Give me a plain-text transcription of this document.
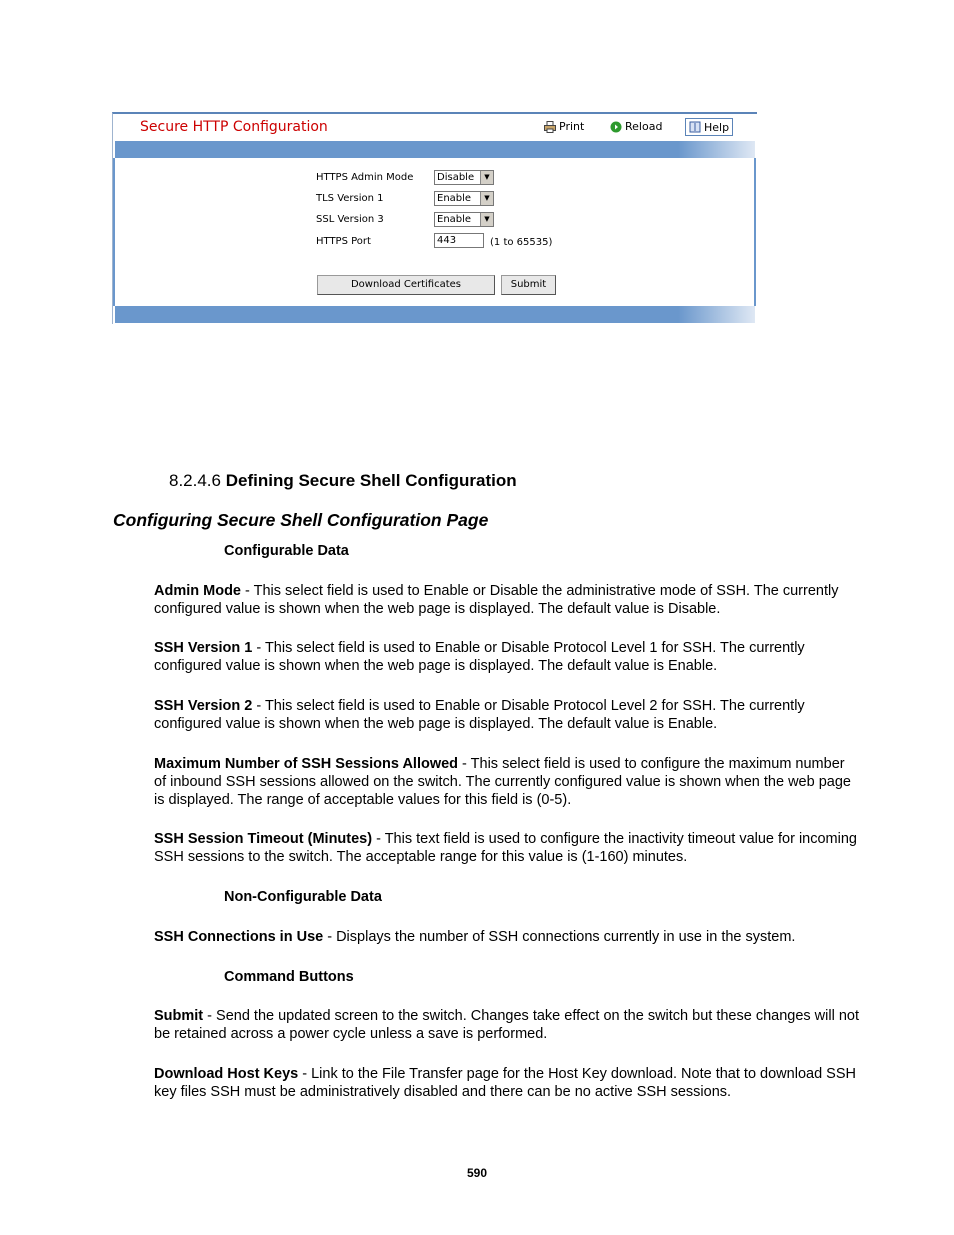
Secure HTTP Configuration	Print	Reload	Help
HTTPS Admin Mode	Disable	▼
TLS Version 1	Enable	▼
SSL Version 3	Enable	▼
HTTPS Port	443	(1 to 65535)
Download Certificates	Submit
8.2.4.6 Defining Secure Shell Configuration
Configuring Secure Shell Configuration Page
Configurable Data
Admin Mode - This select field is used to Enable or Disable the administrative mode of SSH. The currently configured value is shown when the web page is displayed. The default value is Disable.
SSH Version 1 - This select field is used to Enable or Disable Protocol Level 1 for SSH. The currently configured value is shown when the web page is displayed. The default value is Enable.
SSH Version 2 - This select field is used to Enable or Disable Protocol Level 2 for SSH. The currently configured value is shown when the web page is displayed. The default value is Enable.
Maximum Number of SSH Sessions Allowed - This select field is used to configure the maximum number of inbound SSH sessions allowed on the switch. The currently configured value is shown when the web page is displayed. The range of acceptable values for this field is (0-5).
SSH Session Timeout (Minutes) - This text field is used to configure the inactivity timeout value for incoming SSH sessions to the switch. The acceptable range for this value is (1-160) minutes.
Non-Configurable Data
SSH Connections in Use - Displays the number of SSH connections currently in use in the system.
Command Buttons
Submit - Send the updated screen to the switch. Changes take effect on the switch but these changes will not be retained across a power cycle unless a save is performed.
Download Host Keys - Link to the File Transfer page for the Host Key download. Note that to download SSH key files SSH must be administratively disabled and there can be no active SSH sessions.
590
